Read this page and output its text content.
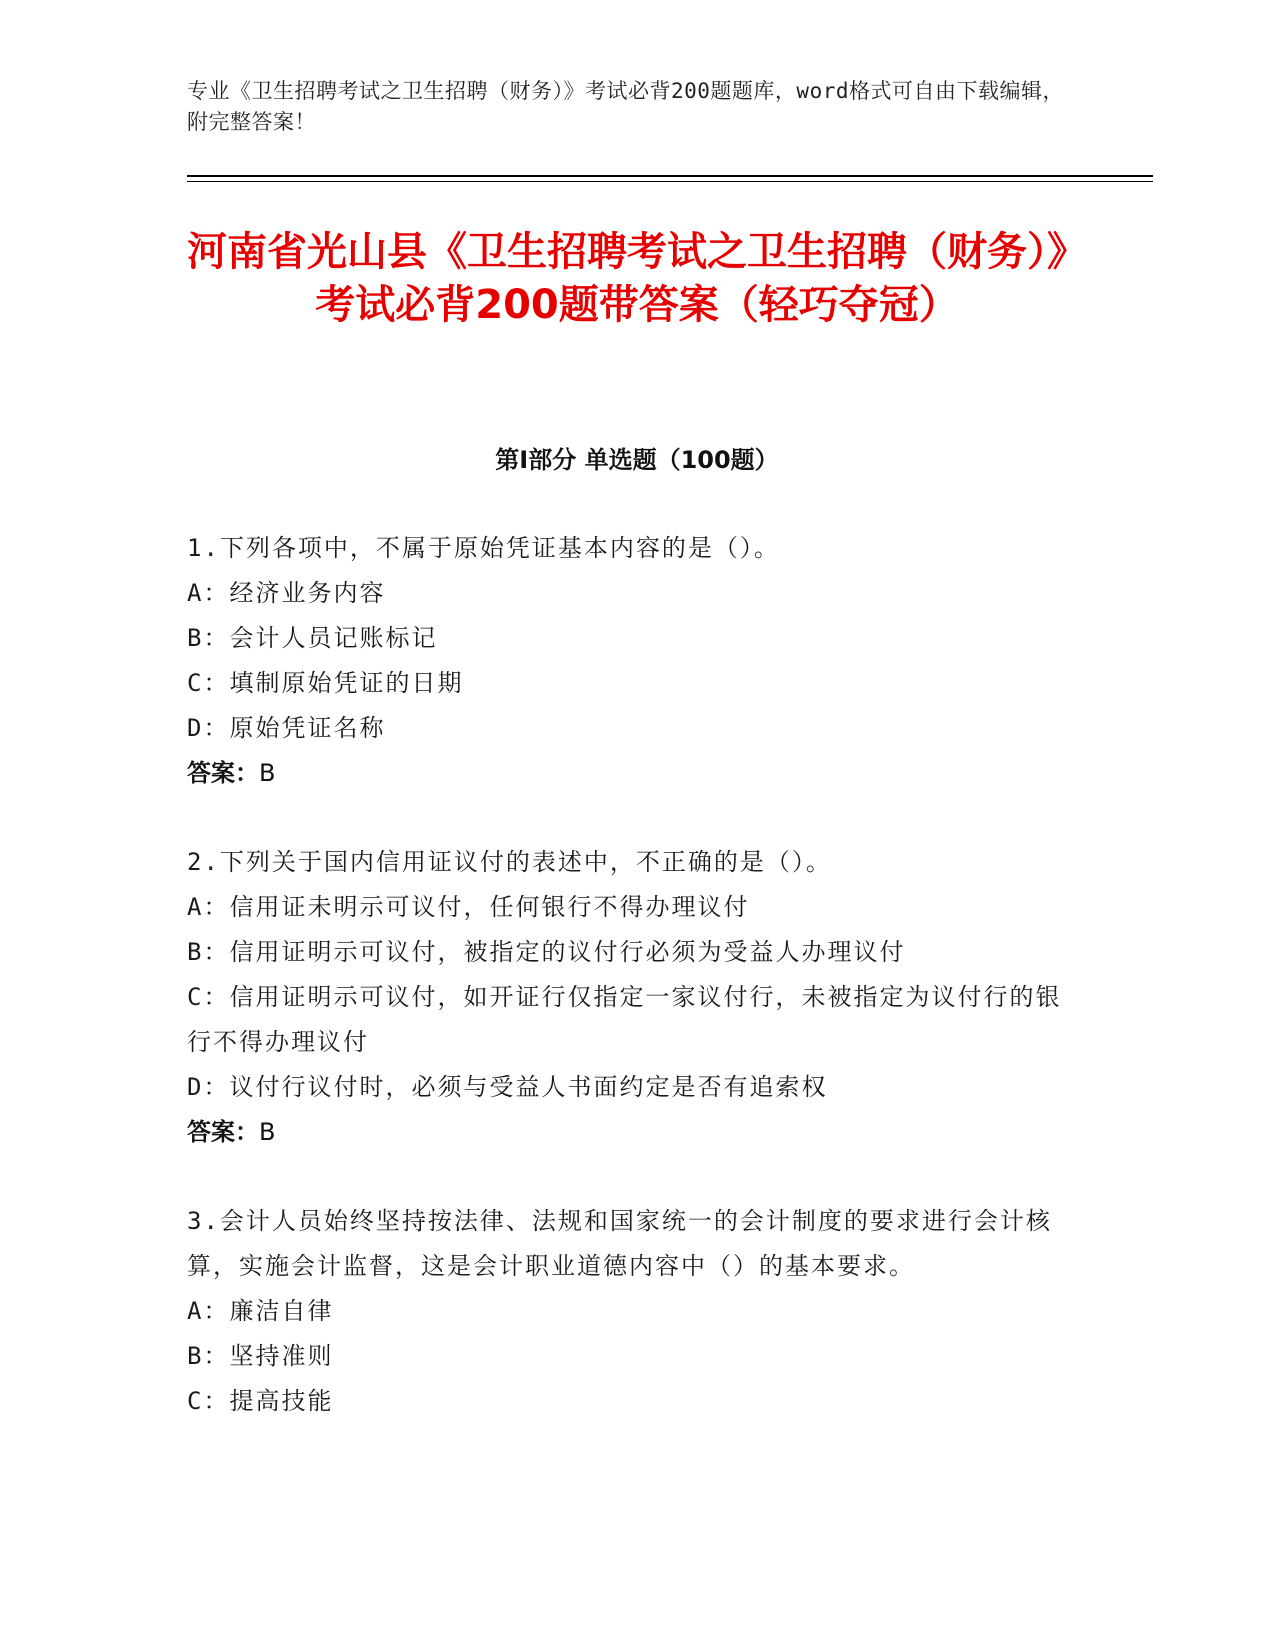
专业《卫生招聘考试之卫生招聘（财务）》考试必背200题题库，word格式可自由下载编辑，附完整答案！
河南省光山县《卫生招聘考试之卫生招聘（财务）》考试必背200题带答案（轻巧夺冠）
第I部分 单选题（100题）
1.下列各项中，不属于原始凭证基本内容的是（）。
A：经济业务内容
B：会计人员记账标记
C：填制原始凭证的日期
D：原始凭证名称
答案：B
2.下列关于国内信用证议付的表述中，不正确的是（）。
A：信用证未明示可议付，任何银行不得办理议付
B：信用证明示可议付，被指定的议付行必须为受益人办理议付
C：信用证明示可议付，如开证行仅指定一家议付行，未被指定为议付行的银行不得办理议付
D：议付行议付时，必须与受益人书面约定是否有追索权
答案：B
3.会计人员始终坚持按法律、法规和国家统一的会计制度的要求进行会计核算，实施会计监督，这是会计职业道德内容中（）的基本要求。
A：廉洁自律
B：坚持准则
C：提高技能
